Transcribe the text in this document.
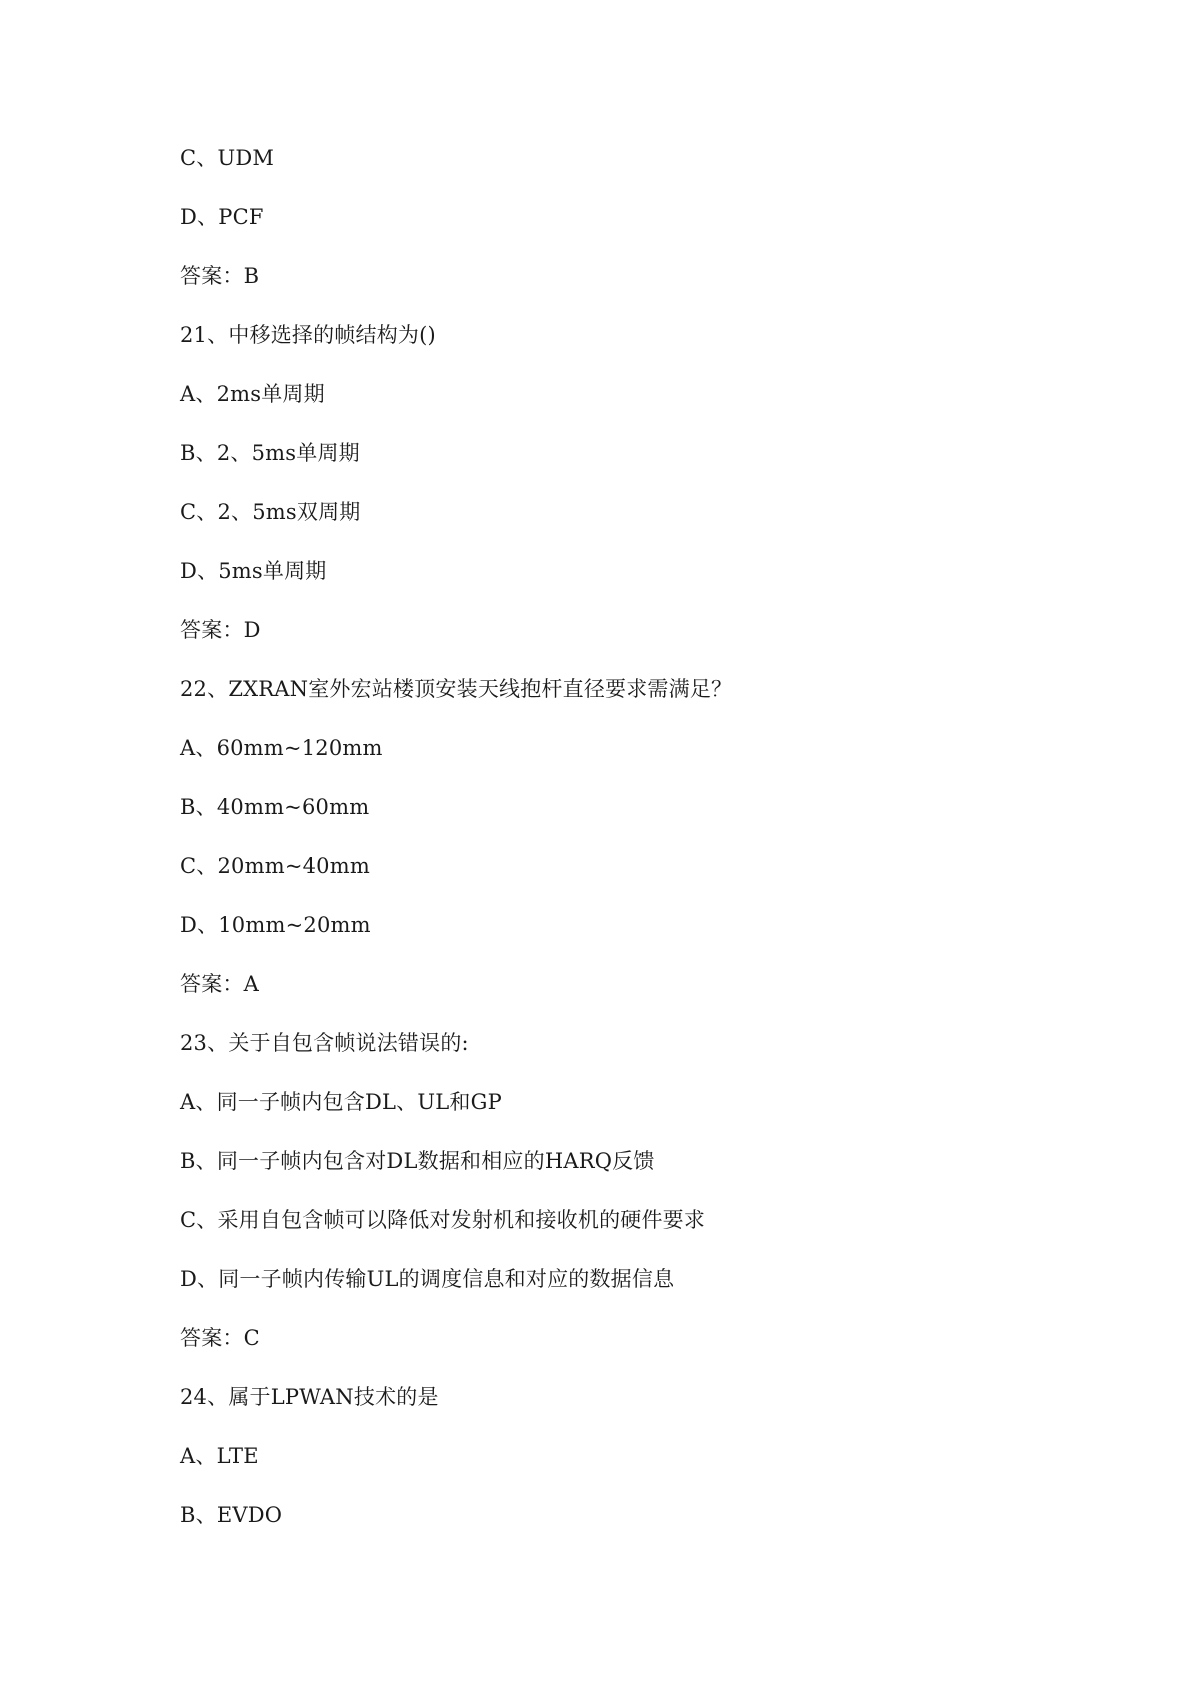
C、UDM
D、PCF
答案：B
21、中移选择的帧结构为()
A、2ms单周期
B、2、5ms单周期
C、2、5ms双周期
D、5ms单周期
答案：D
22、ZXRAN室外宏站楼顶安装天线抱杆直径要求需满足？
A、60mm~120mm
B、40mm~60mm
C、20mm~40mm
D、10mm~20mm
答案：A
23、关于自包含帧说法错误的:
A、同一子帧内包含DL、UL和GP
B、同一子帧内包含对DL数据和相应的HARQ反馈
C、采用自包含帧可以降低对发射机和接收机的硬件要求
D、同一子帧内传输UL的调度信息和对应的数据信息
答案：C
24、属于LPWAN技术的是
A、LTE
B、EVDO
